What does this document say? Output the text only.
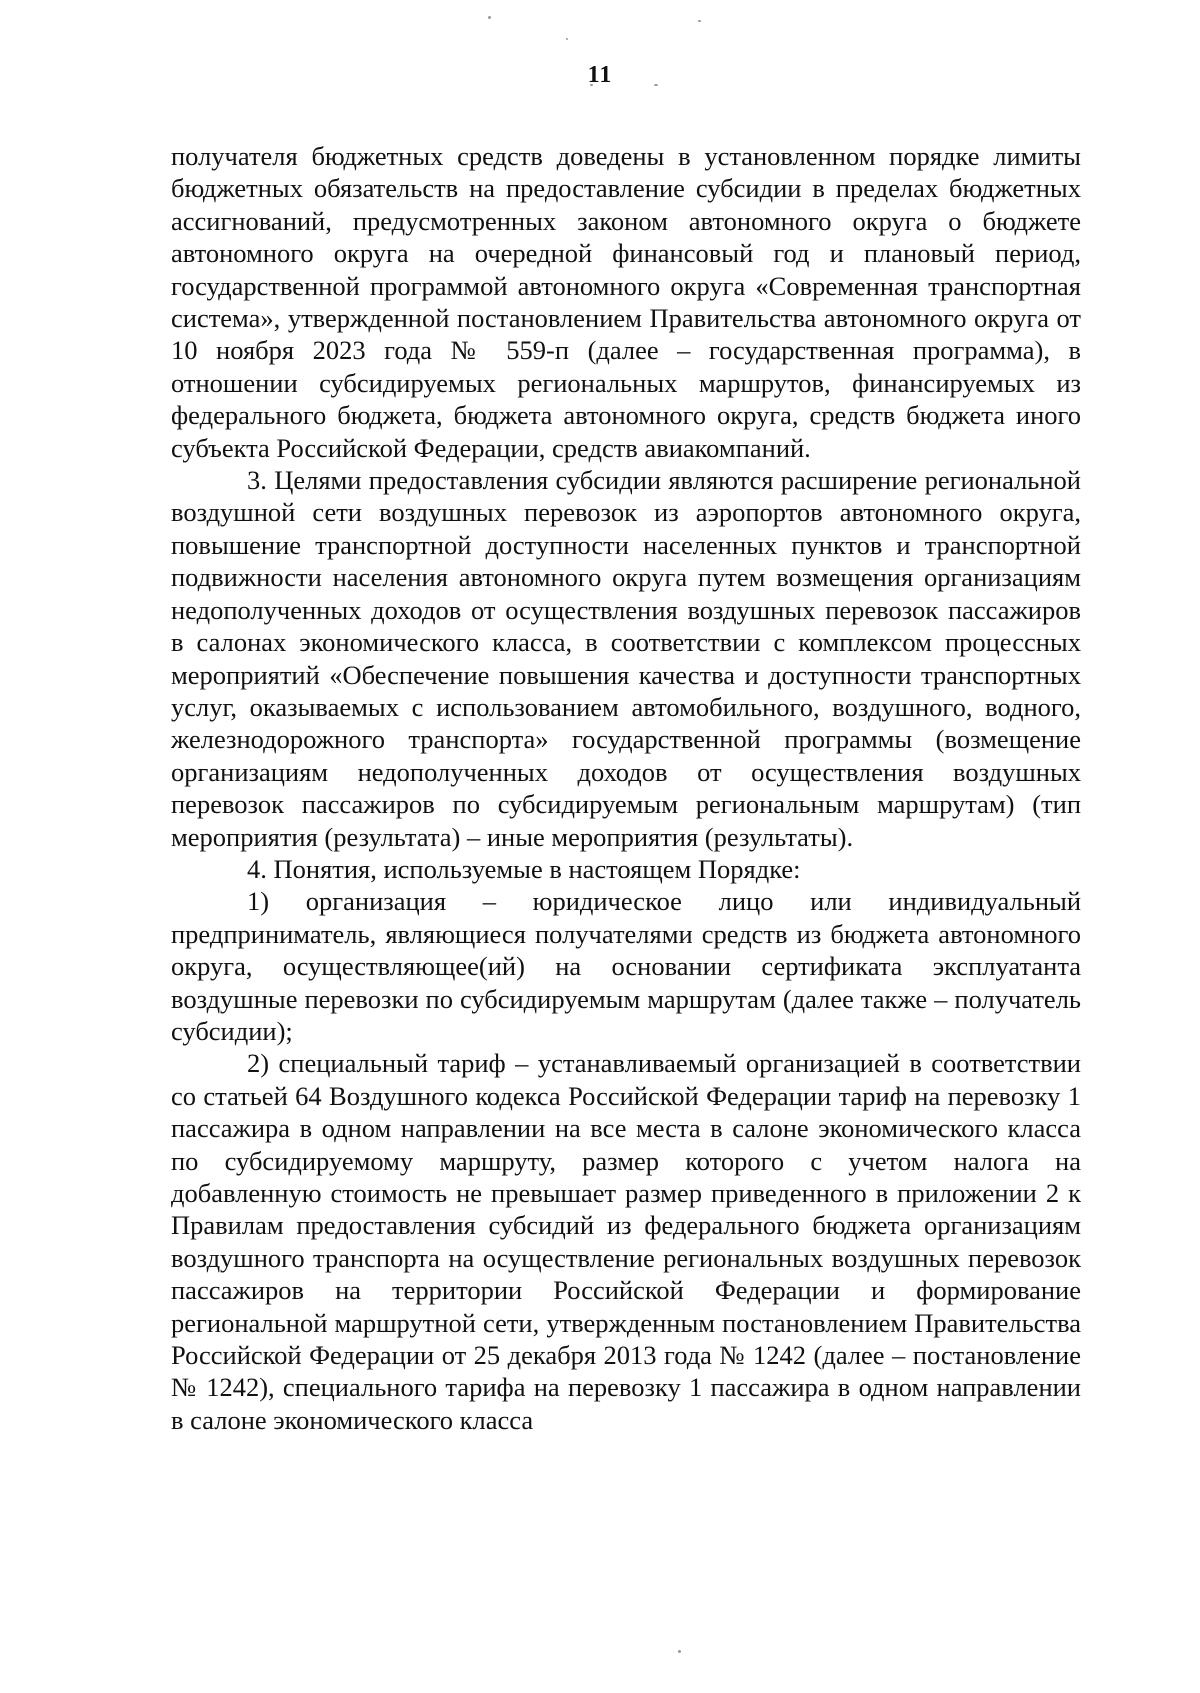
11

получателя бюджетных средств доведены в установленном порядке лимиты бюджетных обязательств на предоставление субсидии в пределах бюджетных ассигнований, предусмотренных законом автономного округа о бюджете автономного округа на очередной финансовый год и плановый период, государственной программой автономного округа «Современная транспортная система», утвержденной постановлением Правительства автономного округа от 10 ноября 2023 года № 559-п (далее – государственная программа), в отношении субсидируемых региональных маршрутов, финансируемых из федерального бюджета, бюджета автономного округа, средств бюджета иного субъекта Российской Федерации, средств авиакомпаний.

3. Целями предоставления субсидии являются расширение региональной воздушной сети воздушных перевозок из аэропортов автономного округа, повышение транспортной доступности населенных пунктов и транспортной подвижности населения автономного округа путем возмещения организациям недополученных доходов от осуществления воздушных перевозок пассажиров в салонах экономического класса, в соответствии с комплексом процессных мероприятий «Обеспечение повышения качества и доступности транспортных услуг, оказываемых с использованием автомобильного, воздушного, водного, железнодорожного транспорта» государственной программы (возмещение организациям недополученных доходов от осуществления воздушных перевозок пассажиров по субсидируемым региональным маршрутам) (тип мероприятия (результата) – иные мероприятия (результаты).

4. Понятия, используемые в настоящем Порядке:

1) организация – юридическое лицо или индивидуальный предприниматель, являющиеся получателями средств из бюджета автономного округа, осуществляющее(ий) на основании сертификата эксплуатанта воздушные перевозки по субсидируемым маршрутам (далее также – получатель субсидии);

2) специальный тариф – устанавливаемый организацией в соответствии со статьей 64 Воздушного кодекса Российской Федерации тариф на перевозку 1 пассажира в одном направлении на все места в салоне экономического класса по субсидируемому маршруту, размер которого с учетом налога на добавленную стоимость не превышает размер приведенного в приложении 2 к Правилам предоставления субсидий из федерального бюджета организациям воздушного транспорта на осуществление региональных воздушных перевозок пассажиров на территории Российской Федерации и формирование региональной маршрутной сети, утвержденным постановлением Правительства Российской Федерации от 25 декабря 2013 года № 1242 (далее – постановление № 1242), специального тарифа на перевозку 1 пассажира в одном направлении в салоне экономического класса
